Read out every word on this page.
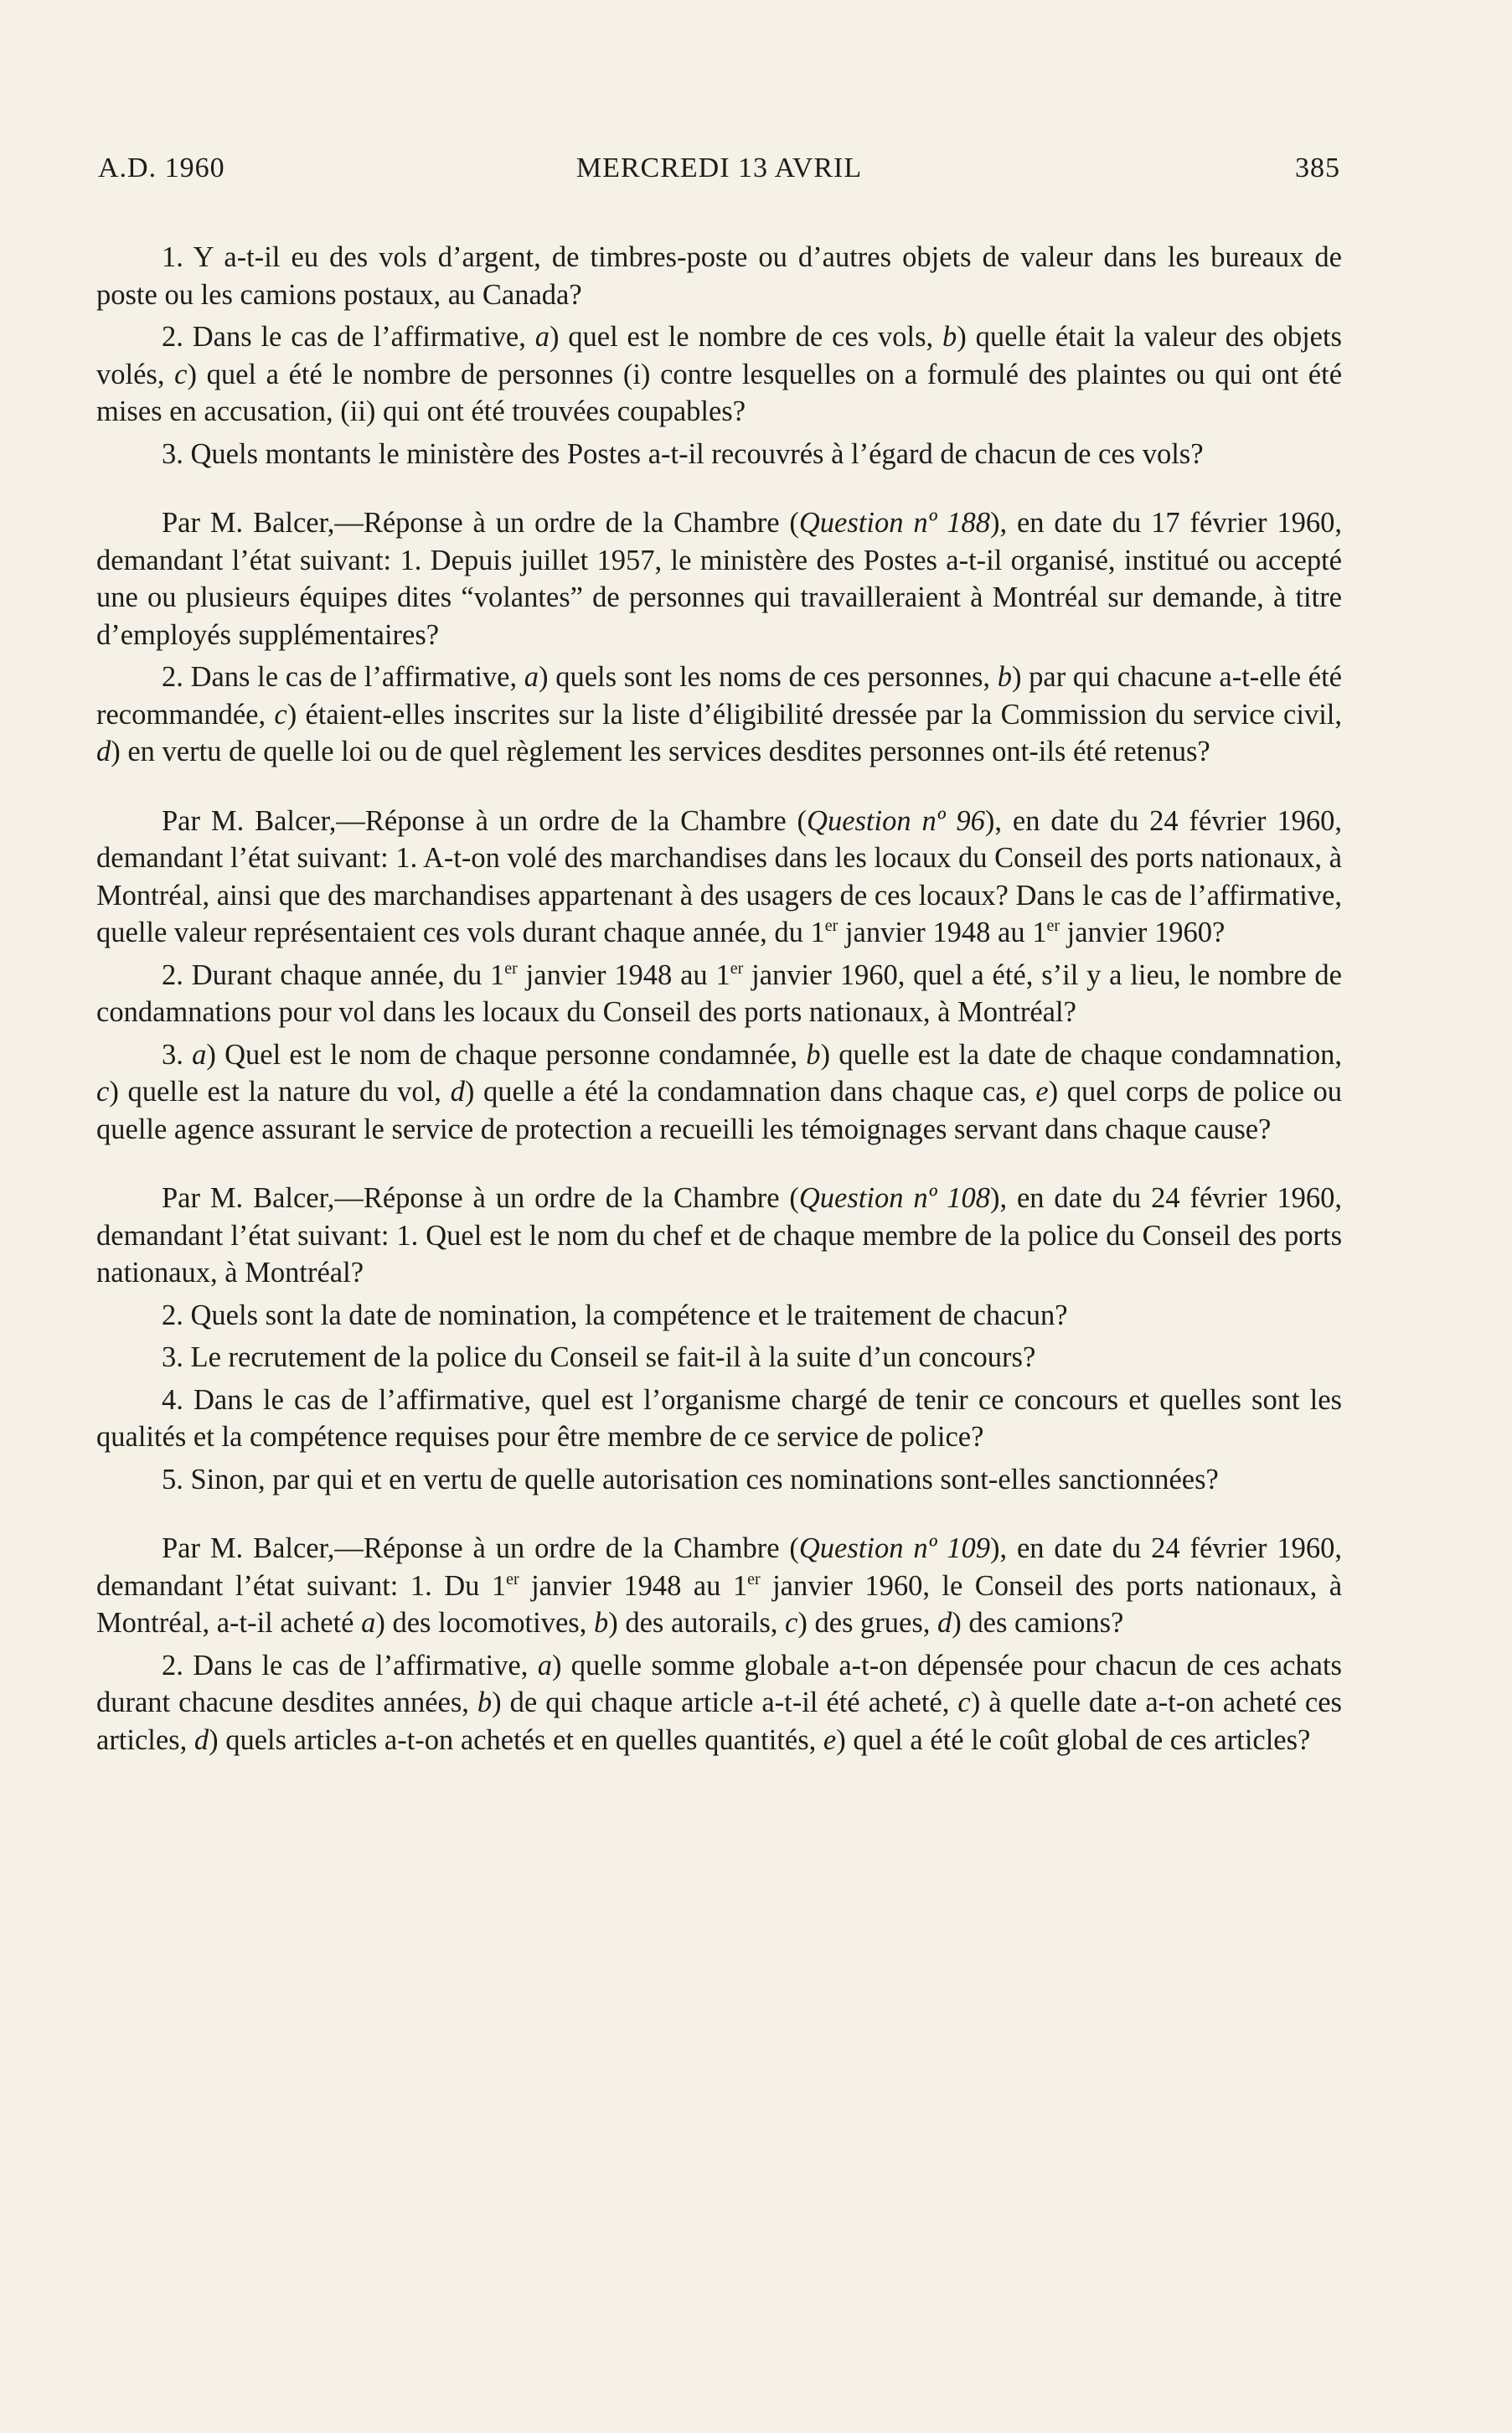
A.D. 1960	MERCREDI 13 AVRIL	385

1. Y a-t-il eu des vols d’argent, de timbres-poste ou d’autres objets de valeur dans les bureaux de poste ou les camions postaux, au Canada?

2. Dans le cas de l’affirmative, a) quel est le nombre de ces vols, b) quelle était la valeur des objets volés, c) quel a été le nombre de personnes (i) contre lesquelles on a formulé des plaintes ou qui ont été mises en accusation, (ii) qui ont été trouvées coupables?

3. Quels montants le ministère des Postes a-t-il recouvrés à l’égard de chacun de ces vols?

Par M. Balcer,—Réponse à un ordre de la Chambre (Question nº 188), en date du 17 février 1960, demandant l’état suivant: 1. Depuis juillet 1957, le ministère des Postes a-t-il organisé, institué ou accepté une ou plusieurs équipes dites “volantes” de personnes qui travailleraient à Montréal sur demande, à titre d’employés supplémentaires?

2. Dans le cas de l’affirmative, a) quels sont les noms de ces personnes, b) par qui chacune a-t-elle été recommandée, c) étaient-elles inscrites sur la liste d’éligibilité dressée par la Commission du service civil, d) en vertu de quelle loi ou de quel règlement les services desdites personnes ont-ils été retenus?

Par M. Balcer,—Réponse à un ordre de la Chambre (Question nº 96), en date du 24 février 1960, demandant l’état suivant: 1. A-t-on volé des marchandises dans les locaux du Conseil des ports nationaux, à Montréal, ainsi que des marchandises appartenant à des usagers de ces locaux? Dans le cas de l’affirmative, quelle valeur représentaient ces vols durant chaque année, du 1er janvier 1948 au 1er janvier 1960?

2. Durant chaque année, du 1er janvier 1948 au 1er janvier 1960, quel a été, s’il y a lieu, le nombre de condamnations pour vol dans les locaux du Conseil des ports nationaux, à Montréal?

3. a) Quel est le nom de chaque personne condamnée, b) quelle est la date de chaque condamnation, c) quelle est la nature du vol, d) quelle a été la condamnation dans chaque cas, e) quel corps de police ou quelle agence assurant le service de protection a recueilli les témoignages servant dans chaque cause?

Par M. Balcer,—Réponse à un ordre de la Chambre (Question nº 108), en date du 24 février 1960, demandant l’état suivant: 1. Quel est le nom du chef et de chaque membre de la police du Conseil des ports nationaux, à Montréal?

2. Quels sont la date de nomination, la compétence et le traitement de chacun?

3. Le recrutement de la police du Conseil se fait-il à la suite d’un concours?

4. Dans le cas de l’affirmative, quel est l’organisme chargé de tenir ce concours et quelles sont les qualités et la compétence requises pour être membre de ce service de police?

5. Sinon, par qui et en vertu de quelle autorisation ces nominations sont-elles sanctionnées?

Par M. Balcer,—Réponse à un ordre de la Chambre (Question nº 109), en date du 24 février 1960, demandant l’état suivant: 1. Du 1er janvier 1948 au 1er janvier 1960, le Conseil des ports nationaux, à Montréal, a-t-il acheté a) des locomotives, b) des autorails, c) des grues, d) des camions?

2. Dans le cas de l’affirmative, a) quelle somme globale a-t-on dépensée pour chacun de ces achats durant chacune desdites années, b) de qui chaque article a-t-il été acheté, c) à quelle date a-t-on acheté ces articles, d) quels articles a-t-on achetés et en quelles quantités, e) quel a été le coût global de ces articles?
